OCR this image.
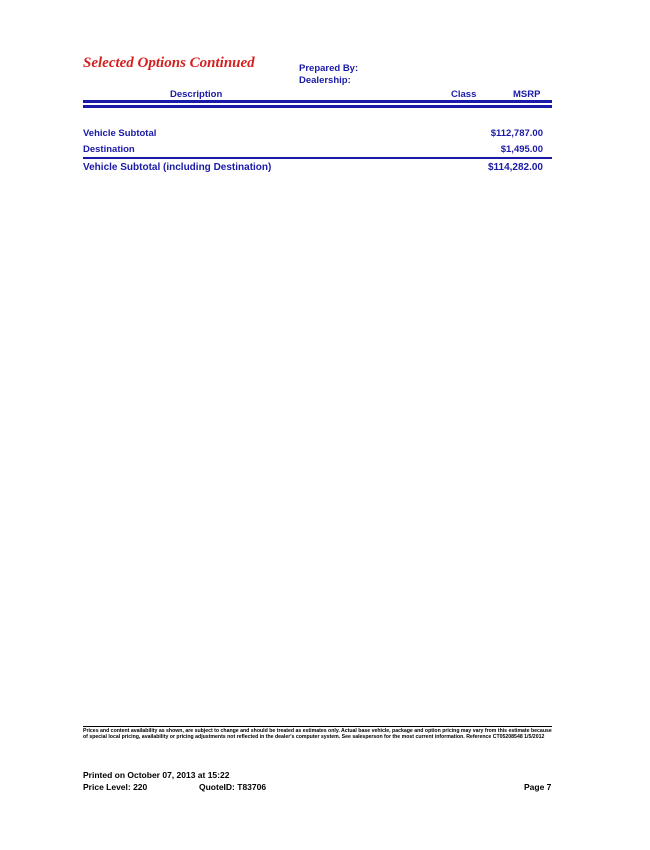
Selected Options Continued	Prepared By:
Dealership:
Description	Class	MSRP
Vehicle Subtotal	$112,787.00
Destination	$1,495.00
Vehicle Subtotal (including Destination)	$114,282.00
Prices and content availability as shown, are subject to change and should be treated as estimates only. Actual base vehicle, package and option pricing may vary from this estimate because of special local pricing, availability or pricing adjustments not reflected in the dealer's computer system. See salesperson for the most current information. Reference CT05208548 1/5/2012
Printed on October 07, 2013 at 15:22
Price Level: 220	QuoteID: T83706	Page 7
